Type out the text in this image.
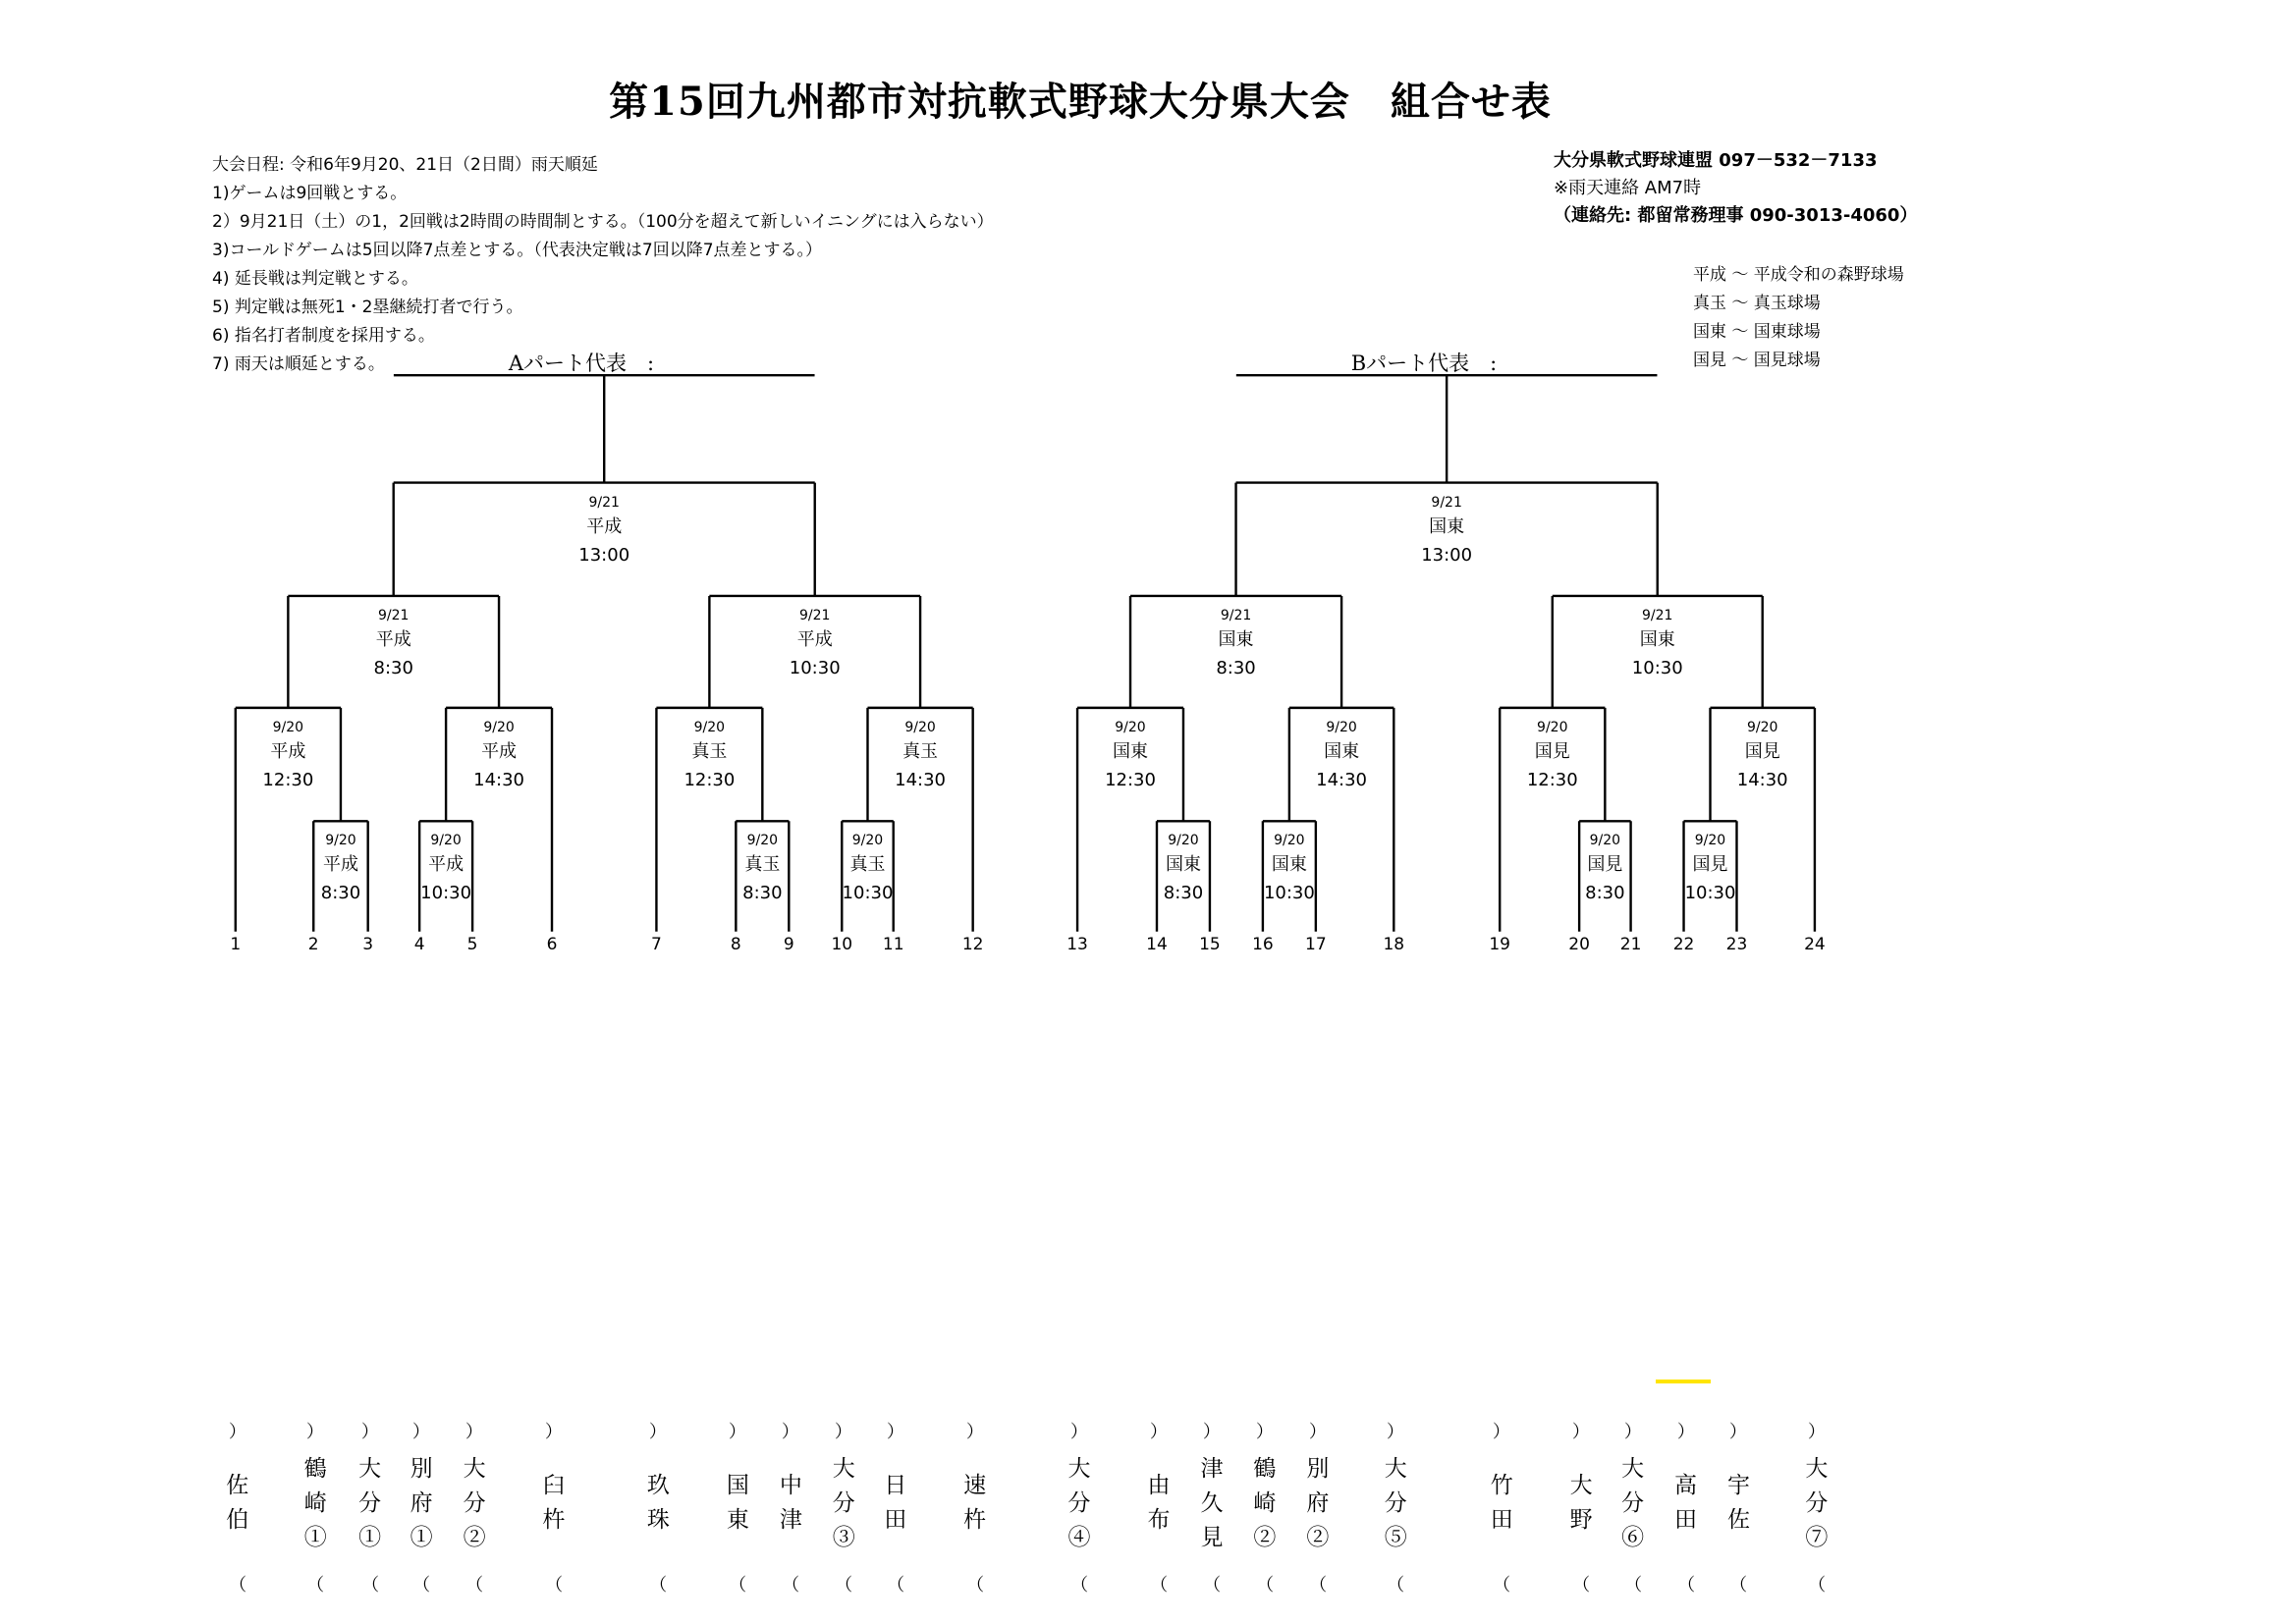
第15回九州都市対抗軟式野球大分県大会　組合せ表
大会日程: 令和6年9月20、21日（2日間）雨天順延
1)ゲームは9回戦とする。
2）9月21日（土）の1，2回戦は2時間の時間制とする。（100分を超えて新しいイニングには入らない）
3)コールドゲームは5回以降7点差とする。（代表決定戦は7回以降7点差とする。）
4) 延長戦は判定戦とする。
5) 判定戦は無死1・2塁継続打者で行う。
6) 指名打者制度を採用する。
7) 雨天は順延とする。
大分県軟式野球連盟 097－532－7133
※雨天連絡 AM7時
（連絡先: 都留常務理事 090-3013-4060）
平成 ～ 平成令和の森野球場
真玉 ～ 真玉球場
国東 ～ 国東球場
国見 ～ 国見球場
Aパート代表　:	Bパート代表　:
9/20
平成
8:30
9/20
平成
10:30
9/20
真玉
8:30
9/20
真玉
10:30
9/20
国東
8:30
9/20
国東
10:30
9/20
国見
8:30
9/20
国見
10:30
9/20
平成
12:30
9/20
平成
14:30
9/20
真玉
12:30
9/20
真玉
14:30
9/20
国東
12:30
9/20
国東
14:30
9/20
国見
12:30
9/20
国見
14:30
9/21
平成
8:30
9/21
平成
10:30
9/21
国東
8:30
9/21
国東
10:30
9/21
平成
13:00
9/21
国東
13:00
1	2	3 4	5	6	7	8	9 10 11	12	13	14 15 16 17	18	19	20 21 22 23	24
︵
佐伯
︶
︵
鶴崎①
︶
︵
大分①
︶
︵
別府①
︶
︵
大分②
︶
︵
臼杵
︶
︵
玖珠
︶
︵
国東
︶
︵
中津
︶
︵
大分③
︶
︵
日田
︶
︵
速杵
︶
︵
大分④
︶
︵
由布
︶
︵
津久見
︶
︵
鶴崎②
︶
︵
別府②
︶
︵
大分⑤
︶
︵
竹田
︶
︵
大野
︶
︵
大分⑥
︶
︵
高田
︶
︵
宇佐
︶
︵
大分⑦
︶
